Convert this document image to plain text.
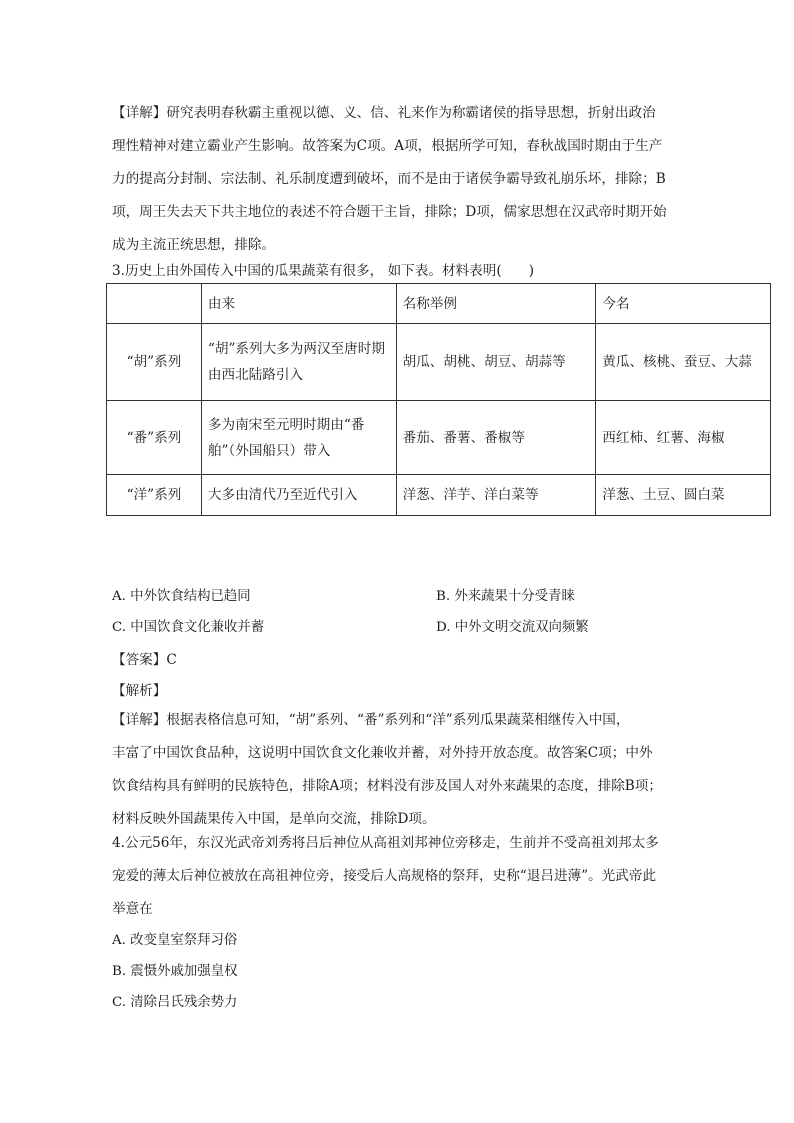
【详解】研究表明春秋霸主重视以德、义、信、礼来作为称霸诸侯的指导思想，折射出政治
理性精神对建立霸业产生影响。故答案为C项。A项，根据所学可知，春秋战国时期由于生产
力的提高分封制、宗法制、礼乐制度遭到破坏，而不是由于诸侯争霸导致礼崩乐坏，排除；B
项，周王失去天下共主地位的表述不符合题干主旨，排除；D项，儒家思想在汉武帝时期开始
成为主流正统思想，排除。
3.历史上由外国传入中国的瓜果蔬菜有很多， 如下表。材料表明(　　)
	由来	名称举例	今名
“胡”系列	“胡”系列大多为两汉至唐时期由西北陆路引入	胡瓜、胡桃、胡豆、胡蒜等	黄瓜、核桃、蚕豆、大蒜
“番”系列	多为南宋至元明时期由“番舶”（外国船只）带入	番茄、番薯、番椒等	西红柿、红薯、海椒
“洋”系列	大多由清代乃至近代引入	洋葱、洋芋、洋白菜等	洋葱、土豆、圆白菜
A. 中外饮食结构已趋同	B. 外来蔬果十分受青睐
C. 中国饮食文化兼收并蓄	D. 中外文明交流双向频繁
【答案】C
【解析】
【详解】根据表格信息可知，“胡”系列、“番”系列和“洋”系列瓜果蔬菜相继传入中国，
丰富了中国饮食品种，这说明中国饮食文化兼收并蓄，对外持开放态度。故答案C项；中外
饮食结构具有鲜明的民族特色，排除A项；材料没有涉及国人对外来蔬果的态度，排除B项；
材料反映外国蔬果传入中国，是单向交流，排除D项。
4.公元56年，东汉光武帝刘秀将吕后神位从高祖刘邦神位旁移走，生前并不受高祖刘邦太多
宠爱的薄太后神位被放在高祖神位旁，接受后人高规格的祭拜，史称“退吕进薄”。光武帝此
举意在
A. 改变皇室祭拜习俗
B. 震慑外戚加强皇权
C. 清除吕氏残余势力
